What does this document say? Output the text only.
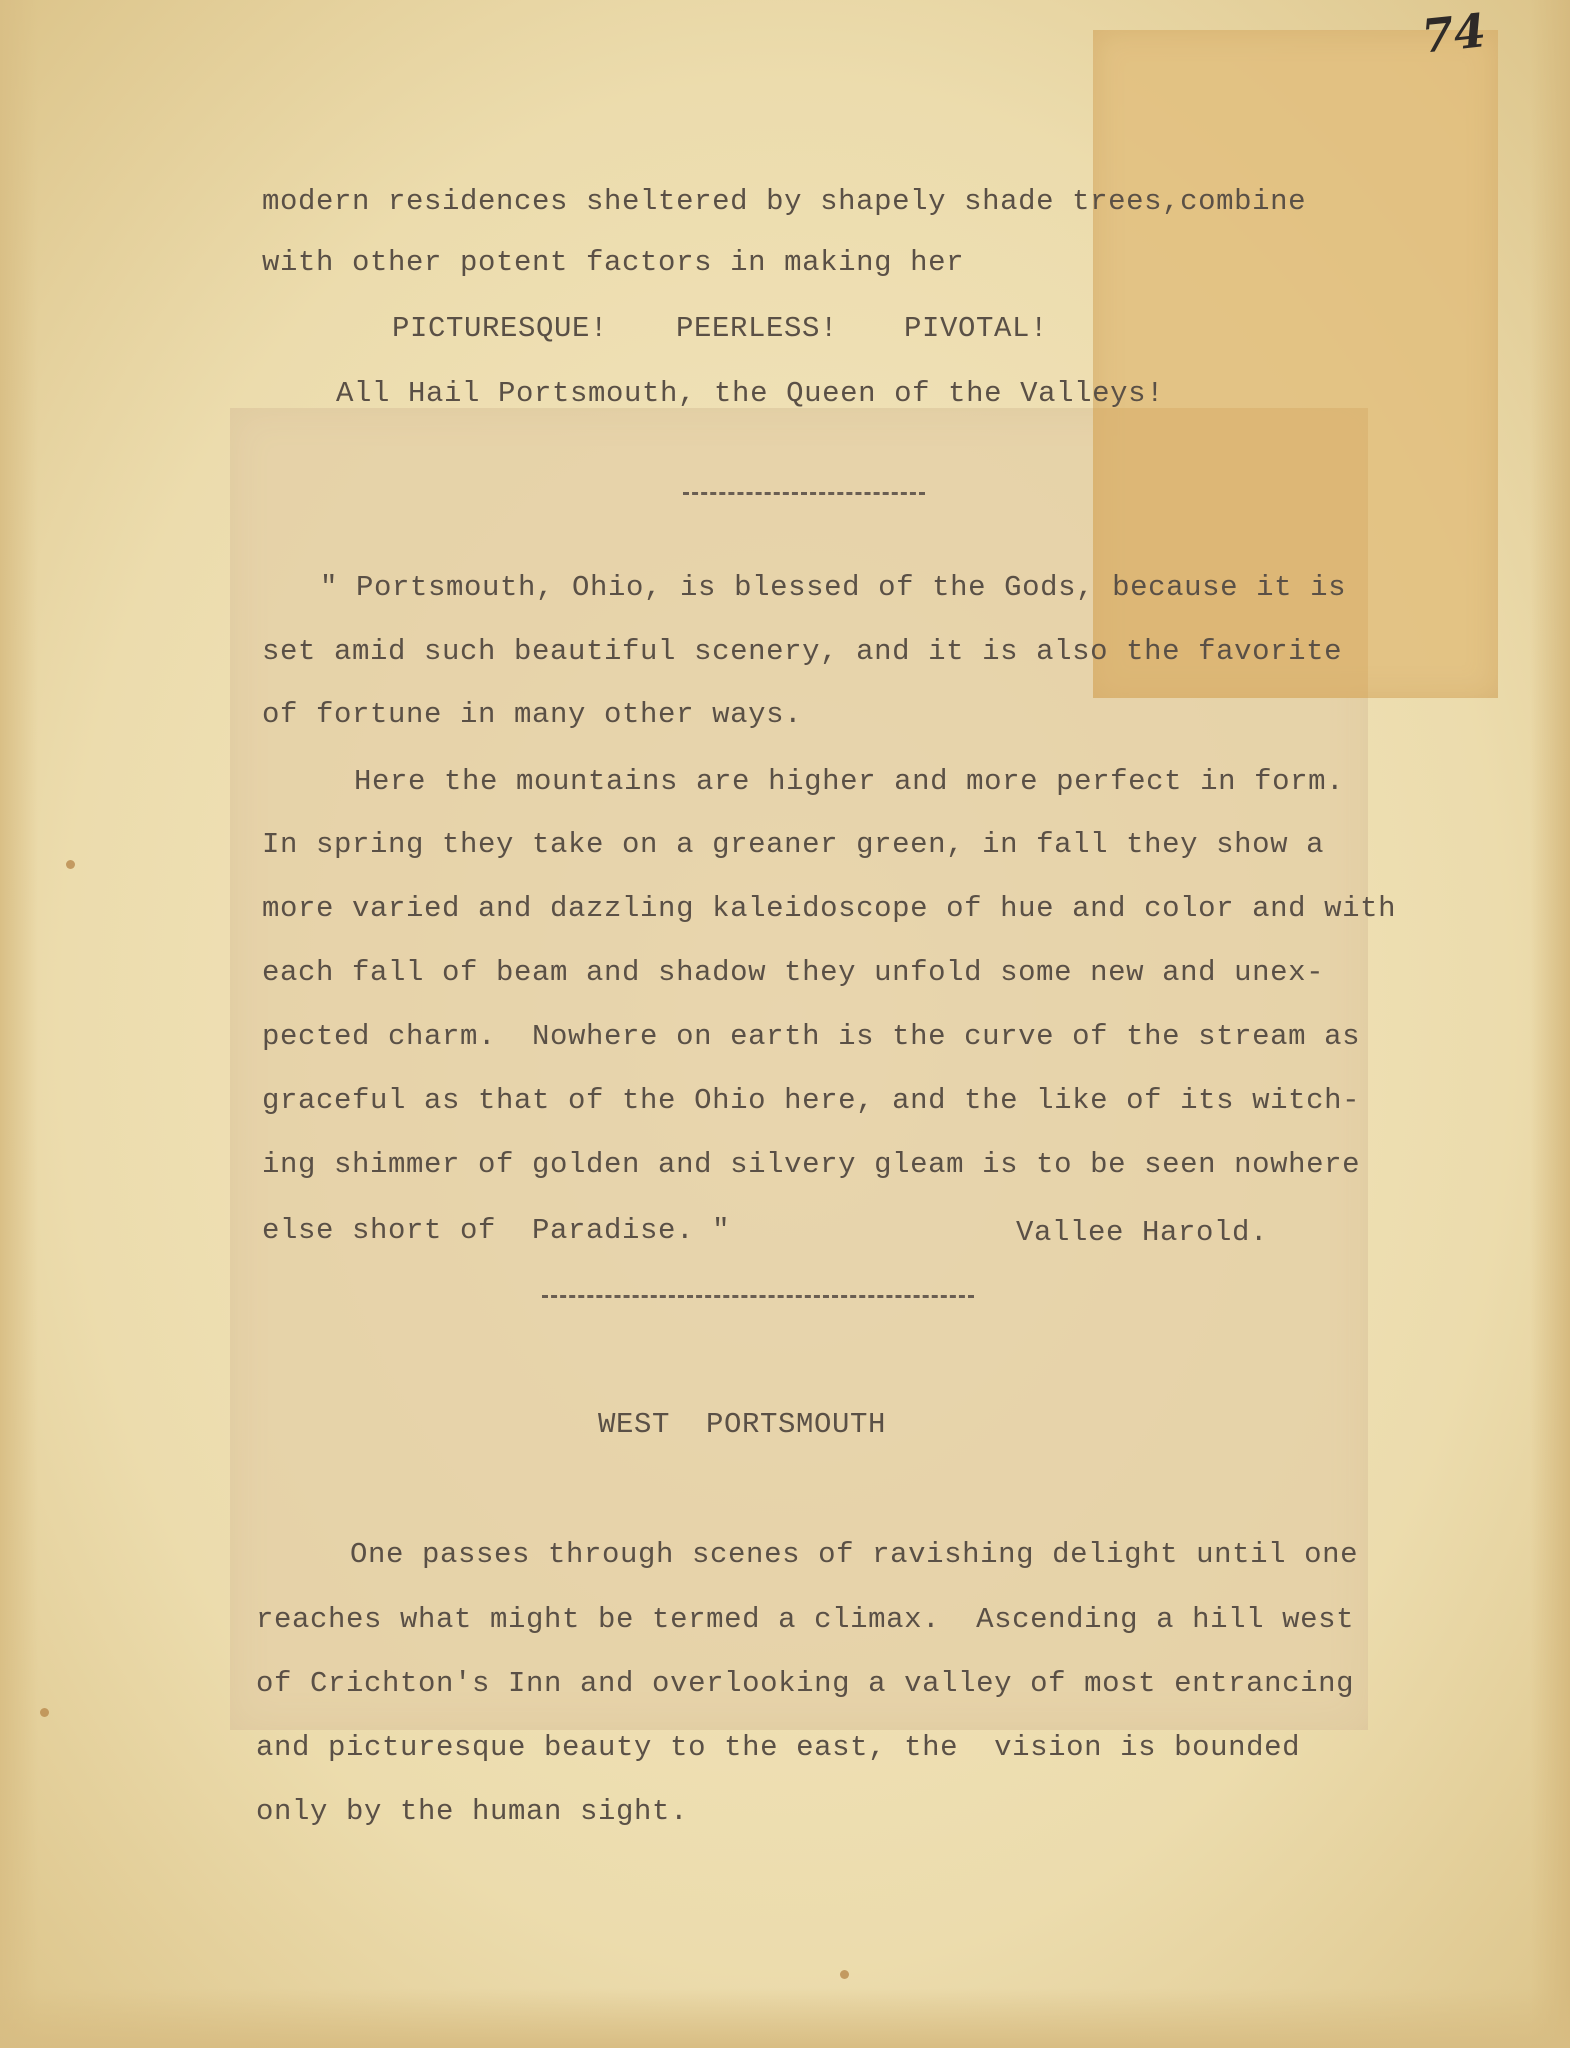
74
modern residences sheltered by shapely shade trees,combine
with other potent factors in making her
PICTURESQUE! PEERLESS! PIVOTAL!
All Hail Portsmouth, the Queen of the Valleys!
" Portsmouth, Ohio, is blessed of the Gods, because it is
set amid such beautiful scenery, and it is also the favorite
of fortune in many other ways.
Here the mountains are higher and more perfect in form.
In spring they take on a greaner green, in fall they show a
more varied and dazzling kaleidoscope of hue and color and with
each fall of beam and shadow they unfold some new and unex-
pected charm.  Nowhere on earth is the curve of the stream as
graceful as that of the Ohio here, and the like of its witch-
ing shimmer of golden and silvery gleam is to be seen nowhere
else short of  Paradise. "	Vallee Harold.
WEST  PORTSMOUTH
One passes through scenes of ravishing delight until one
reaches what might be termed a climax.  Ascending a hill west
of Crichton's Inn and overlooking a valley of most entrancing
and picturesque beauty to the east, the  vision is bounded
only by the human sight.
